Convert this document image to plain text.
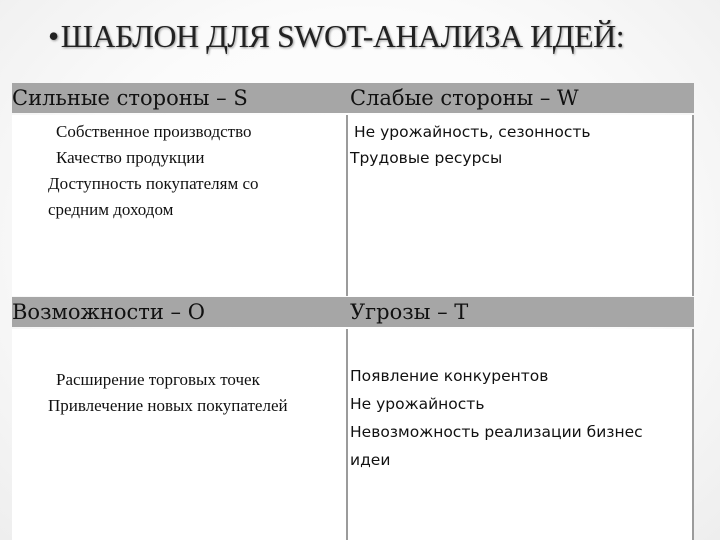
•ШАБЛОН ДЛЯ SWOT-АНАЛИЗА ИДЕЙ:
Сильные стороны – S	Слабые стороны – W
Собственное производство
Качество продукции
Доступность покупателям со
средним доходом
Не урожайность, сезонность
Трудовые ресурсы
Возможности – O	Угрозы – T
Расширение торговых точек
Привлечение новых покупателей
Появление конкурентов
Не урожайность
Невозможность реализации бизнес
идеи
